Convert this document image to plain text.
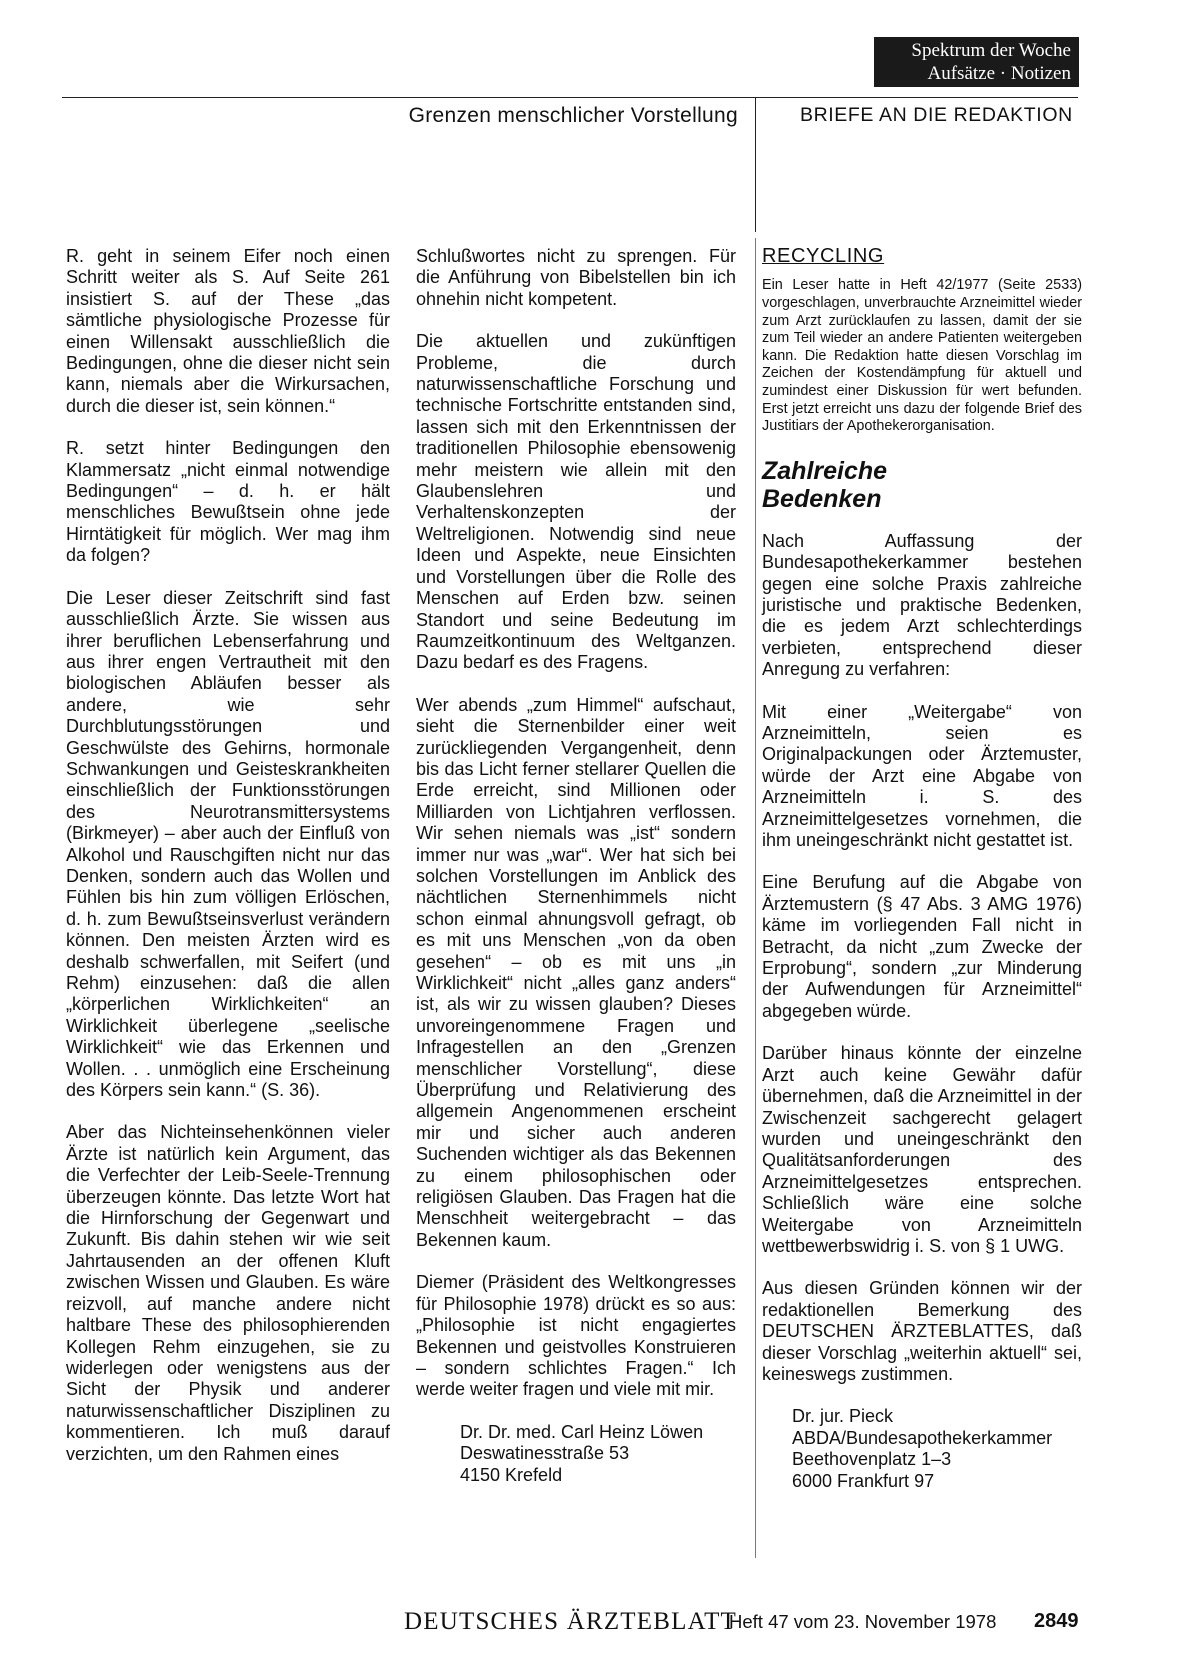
Spektrum der Woche
Aufsätze · Notizen
Grenzen menschlicher Vorstellung	BRIEFE AN DIE REDAKTION

R. geht in seinem Eifer noch einen Schritt weiter als S. Auf Seite 261 insistiert S. auf der These „das sämtliche physiologische Prozesse für einen Willensakt ausschließlich die Bedingungen, ohne die dieser nicht sein kann, niemals aber die Wirkursachen, durch die dieser ist, sein können.“

R. setzt hinter Bedingungen den Klammersatz „nicht einmal notwendige Bedingungen“ – d. h. er hält menschliches Bewußtsein ohne jede Hirntätigkeit für möglich. Wer mag ihm da folgen?

Die Leser dieser Zeitschrift sind fast ausschließlich Ärzte. Sie wissen aus ihrer beruflichen Lebenserfahrung und aus ihrer engen Vertrautheit mit den biologischen Abläufen besser als andere, wie sehr Durchblutungsstörungen und Geschwülste des Gehirns, hormonale Schwankungen und Geisteskrankheiten einschließlich der Funktionsstörungen des Neurotransmittersystems (Birkmeyer) – aber auch der Einfluß von Alkohol und Rauschgiften nicht nur das Denken, sondern auch das Wollen und Fühlen bis hin zum völligen Erlöschen, d. h. zum Bewußtseinsverlust verändern können. Den meisten Ärzten wird es deshalb schwerfallen, mit Seifert (und Rehm) einzusehen: daß die allen „körperlichen Wirklichkeiten“ an Wirklichkeit überlegene „seelische Wirklichkeit“ wie das Erkennen und Wollen. . . unmöglich eine Erscheinung des Körpers sein kann.“ (S. 36).

Aber das Nichteinsehenkönnen vieler Ärzte ist natürlich kein Argument, das die Verfechter der Leib-Seele-Trennung überzeugen könnte. Das letzte Wort hat die Hirnforschung der Gegenwart und Zukunft. Bis dahin stehen wir wie seit Jahrtausenden an der offenen Kluft zwischen Wissen und Glauben. Es wäre reizvoll, auf manche andere nicht haltbare These des philosophierenden Kollegen Rehm einzugehen, sie zu widerlegen oder wenigstens aus der Sicht der Physik und anderer naturwissenschaftlicher Disziplinen zu kommentieren. Ich muß darauf verzichten, um den Rahmen eines

Schlußwortes nicht zu sprengen. Für die Anführung von Bibelstellen bin ich ohnehin nicht kompetent.

Die aktuellen und zukünftigen Probleme, die durch naturwissenschaftliche Forschung und technische Fortschritte entstanden sind, lassen sich mit den Erkenntnissen der traditionellen Philosophie ebensowenig mehr meistern wie allein mit den Glaubenslehren und Verhaltenskonzepten der Weltreligionen. Notwendig sind neue Ideen und Aspekte, neue Einsichten und Vorstellungen über die Rolle des Menschen auf Erden bzw. seinen Standort und seine Bedeutung im Raumzeitkontinuum des Weltganzen. Dazu bedarf es des Fragens.

Wer abends „zum Himmel“ aufschaut, sieht die Sternenbilder einer weit zurückliegenden Vergangenheit, denn bis das Licht ferner stellarer Quellen die Erde erreicht, sind Millionen oder Milliarden von Lichtjahren verflossen. Wir sehen niemals was „ist“ sondern immer nur was „war“. Wer hat sich bei solchen Vorstellungen im Anblick des nächtlichen Sternenhimmels nicht schon einmal ahnungsvoll gefragt, ob es mit uns Menschen „von da oben gesehen“ – ob es mit uns „in Wirklichkeit“ nicht „alles ganz anders“ ist, als wir zu wissen glauben? Dieses unvoreingenommene Fragen und Infragestellen an den „Grenzen menschlicher Vorstellung“, diese Überprüfung und Relativierung des allgemein Angenommenen erscheint mir und sicher auch anderen Suchenden wichtiger als das Bekennen zu einem philosophischen oder religiösen Glauben. Das Fragen hat die Menschheit weitergebracht – das Bekennen kaum.

Diemer (Präsident des Weltkongresses für Philosophie 1978) drückt es so aus: „Philosophie ist nicht engagiertes Bekennen und geistvolles Konstruieren – sondern schlichtes Fragen.“ Ich werde weiter fragen und viele mit mir.

Dr. Dr. med. Carl Heinz Löwen
Deswatinesstraße 53
4150 Krefeld
RECYCLING

Ein Leser hatte in Heft 42/1977 (Seite 2533) vorgeschlagen, unverbrauchte Arzneimittel wieder zum Arzt zurücklaufen zu lassen, damit der sie zum Teil wieder an andere Patienten weitergeben kann. Die Redaktion hatte diesen Vorschlag im Zeichen der Kostendämpfung für aktuell und zumindest einer Diskussion für wert befunden. Erst jetzt erreicht uns dazu der folgende Brief des Justitiars der Apothekerorganisation.

Zahlreiche
Bedenken

Nach Auffassung der Bundesapothekerkammer bestehen gegen eine solche Praxis zahlreiche juristische und praktische Bedenken, die es jedem Arzt schlechterdings verbieten, entsprechend dieser Anregung zu verfahren:

Mit einer „Weitergabe“ von Arzneimitteln, seien es Originalpackungen oder Ärztemuster, würde der Arzt eine Abgabe von Arzneimitteln i. S. des Arzneimittelgesetzes vornehmen, die ihm uneingeschränkt nicht gestattet ist.

Eine Berufung auf die Abgabe von Ärztemustern (§ 47 Abs. 3 AMG 1976) käme im vorliegenden Fall nicht in Betracht, da nicht „zum Zwecke der Erprobung“, sondern „zur Minderung der Aufwendungen für Arzneimittel“ abgegeben würde.

Darüber hinaus könnte der einzelne Arzt auch keine Gewähr dafür übernehmen, daß die Arzneimittel in der Zwischenzeit sachgerecht gelagert wurden und uneingeschränkt den Qualitätsanforderungen des Arzneimittelgesetzes entsprechen. Schließlich wäre eine solche Weitergabe von Arzneimitteln wettbewerbswidrig i. S. von § 1 UWG.

Aus diesen Gründen können wir der redaktionellen Bemerkung des DEUTSCHEN ÄRZTEBLATTES, daß dieser Vorschlag „weiterhin aktuell“ sei, keineswegs zustimmen.

Dr. jur. Pieck
ABDA/Bundesapothekerkammer
Beethovenplatz 1–3
6000 Frankfurt 97
DEUTSCHES ÄRZTEBLATT
Heft 47 vom 23. November 1978 2849
